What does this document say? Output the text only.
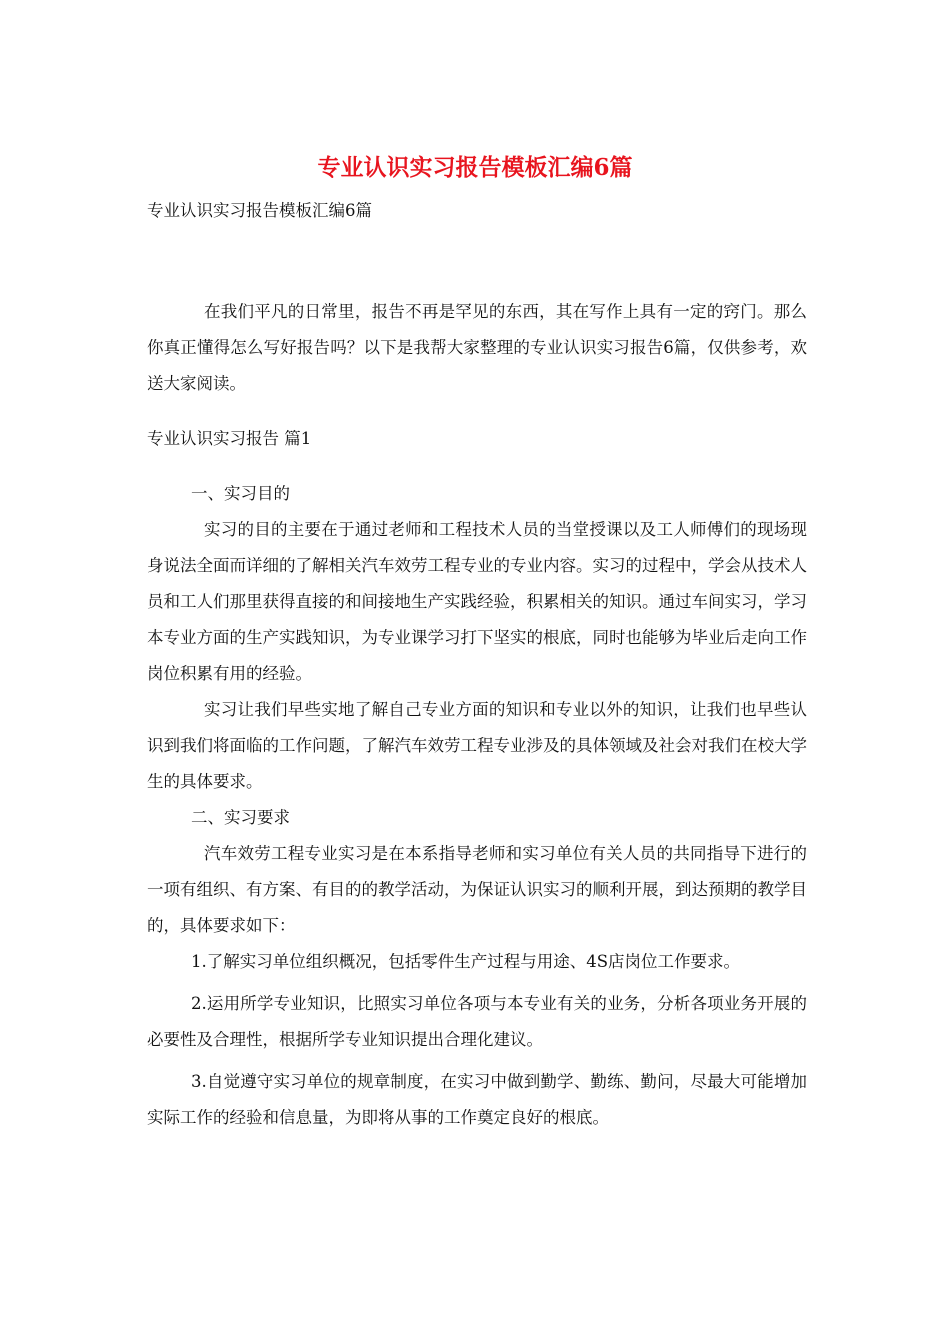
专业认识实习报告模板汇编6篇
专业认识实习报告模板汇编6篇

在我们平凡的日常里，报告不再是罕见的东西，其在写作上具有一定的窍门。那么你真正懂得怎么写好报告吗？以下是我帮大家整理的专业认识实习报告6篇，仅供参考，欢送大家阅读。

专业认识实习报告 篇1

一、实习目的

实习的目的主要在于通过老师和工程技术人员的当堂授课以及工人师傅们的现场现身说法全面而详细的了解相关汽车效劳工程专业的专业内容。实习的过程中，学会从技术人员和工人们那里获得直接的和间接地生产实践经验，积累相关的知识。通过车间实习，学习本专业方面的生产实践知识，为专业课学习打下坚实的根底，同时也能够为毕业后走向工作岗位积累有用的经验。

实习让我们早些实地了解自己专业方面的知识和专业以外的知识，让我们也早些认识到我们将面临的工作问题，了解汽车效劳工程专业涉及的具体领域及社会对我们在校大学生的具体要求。

二、实习要求

汽车效劳工程专业实习是在本系指导老师和实习单位有关人员的共同指导下进行的一项有组织、有方案、有目的的教学活动，为保证认识实习的顺利开展，到达预期的教学目的，具体要求如下：

1.了解实习单位组织概况，包括零件生产过程与用途、4S店岗位工作要求。

2.运用所学专业知识，比照实习单位各项与本专业有关的业务，分析各项业务开展的必要性及合理性，根据所学专业知识提出合理化建议。

3.自觉遵守实习单位的规章制度，在实习中做到勤学、勤练、勤问，尽最大可能增加实际工作的经验和信息量，为即将从事的工作奠定良好的根底。
